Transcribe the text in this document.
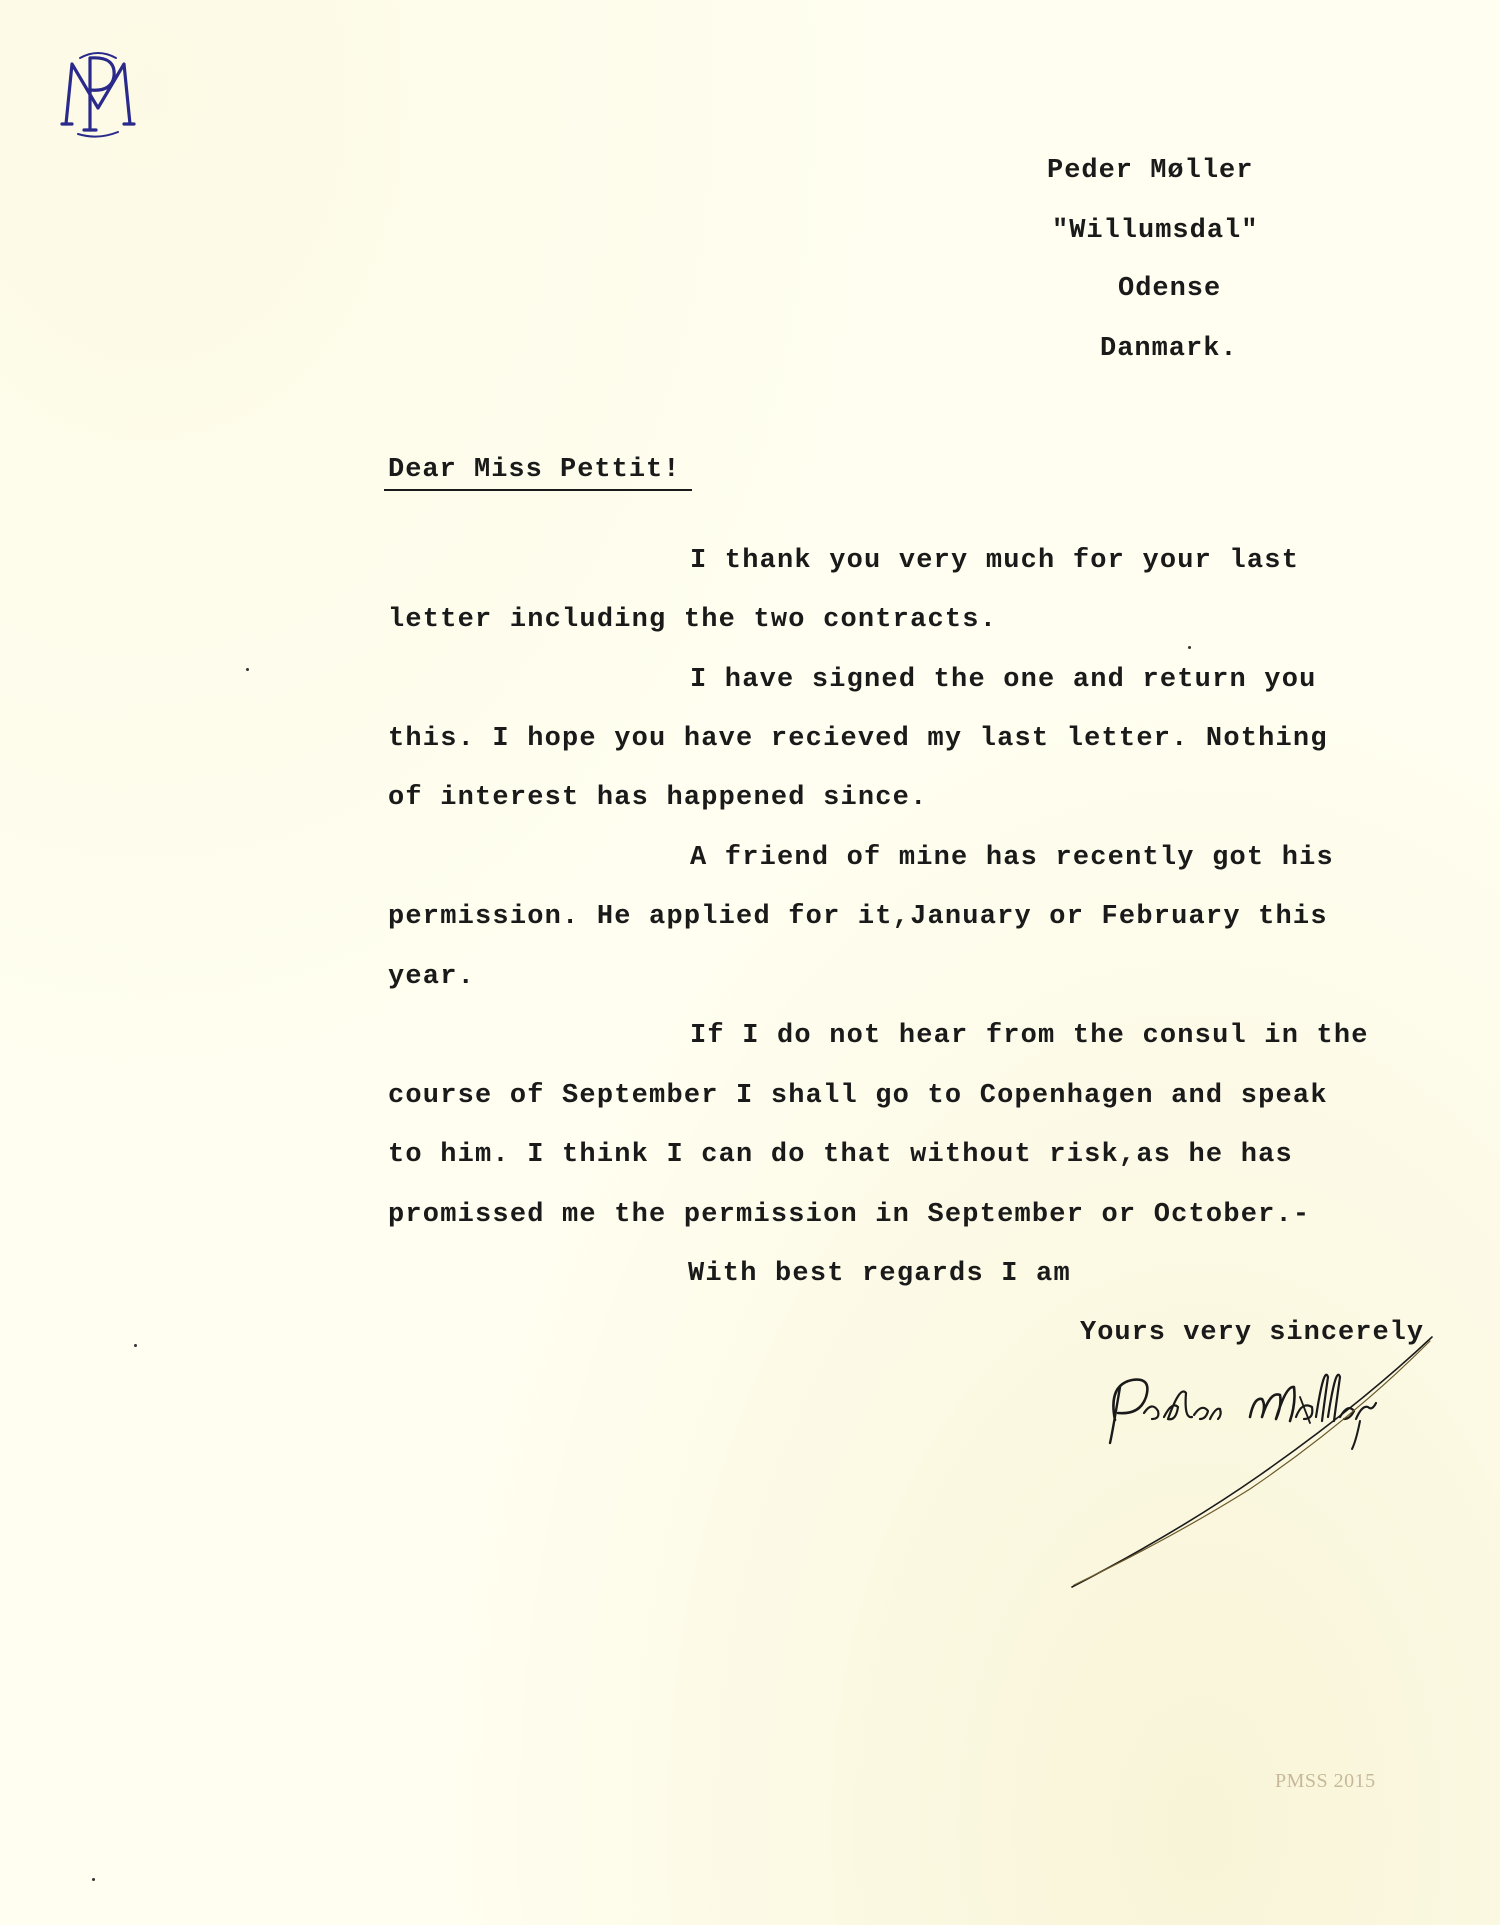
Peder Møller
"Willumsdal"
Odense
Danmark.
Dear Miss Pettit!
I thank you very much for your last
letter including the two contracts.
I have signed the one and return you
this. I hope you have recieved my last letter. Nothing
of interest has happened since.
A friend of mine has recently got his
permission. He applied for it,January or February this
year.
If I do not hear from the consul in the
course of September I shall go to Copenhagen and speak
to him. I think I can do that without risk,as he has
promissed me the permission in September or October.-
With best regards I am
Yours very sincerely
PMSS 2015
